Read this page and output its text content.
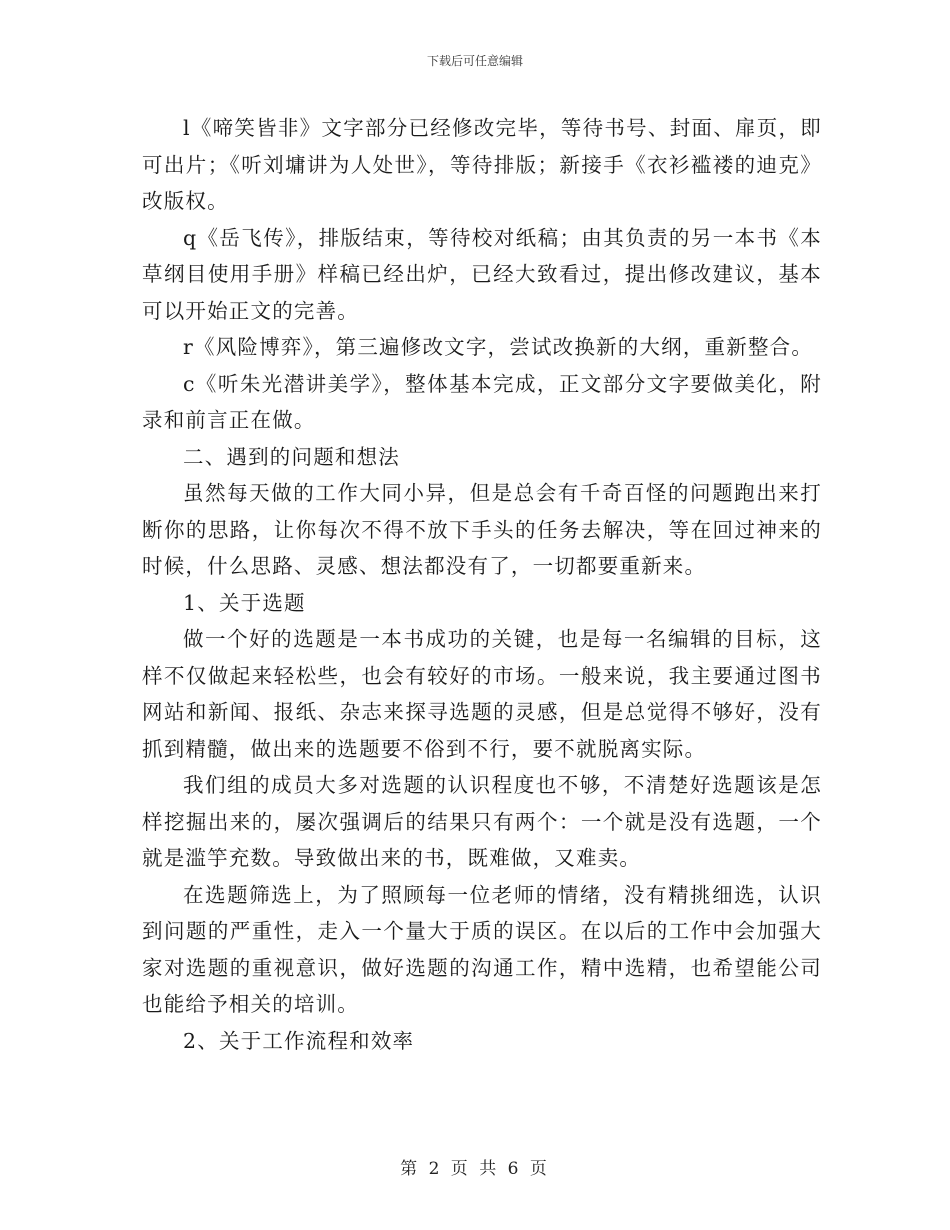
下载后可任意编辑

l《啼笑皆非》文字部分已经修改完毕，等待书号、封面、扉页，即可出片；《听刘墉讲为人处世》，等待排版；新接手《衣衫褴褛的迪克》改版权。

q《岳飞传》，排版结束，等待校对纸稿；由其负责的另一本书《本草纲目使用手册》样稿已经出炉，已经大致看过，提出修改建议，基本可以开始正文的完善。

r《风险博弈》，第三遍修改文字，尝试改换新的大纲，重新整合。

c《听朱光潜讲美学》，整体基本完成，正文部分文字要做美化，附录和前言正在做。

二、遇到的问题和想法

虽然每天做的工作大同小异，但是总会有千奇百怪的问题跑出来打断你的思路，让你每次不得不放下手头的任务去解决，等在回过神来的时候，什么思路、灵感、想法都没有了，一切都要重新来。

1、关于选题

做一个好的选题是一本书成功的关键，也是每一名编辑的目标，这样不仅做起来轻松些，也会有较好的市场。一般来说，我主要通过图书网站和新闻、报纸、杂志来探寻选题的灵感，但是总觉得不够好，没有抓到精髓，做出来的选题要不俗到不行，要不就脱离实际。

我们组的成员大多对选题的认识程度也不够，不清楚好选题该是怎样挖掘出来的，屡次强调后的结果只有两个：一个就是没有选题，一个就是滥竽充数。导致做出来的书，既难做，又难卖。

在选题筛选上，为了照顾每一位老师的情绪，没有精挑细选，认识到问题的严重性，走入一个量大于质的误区。在以后的工作中会加强大家对选题的重视意识，做好选题的沟通工作，精中选精，也希望能公司也能给予相关的培训。

2、关于工作流程和效率

第 2 页 共 6 页
